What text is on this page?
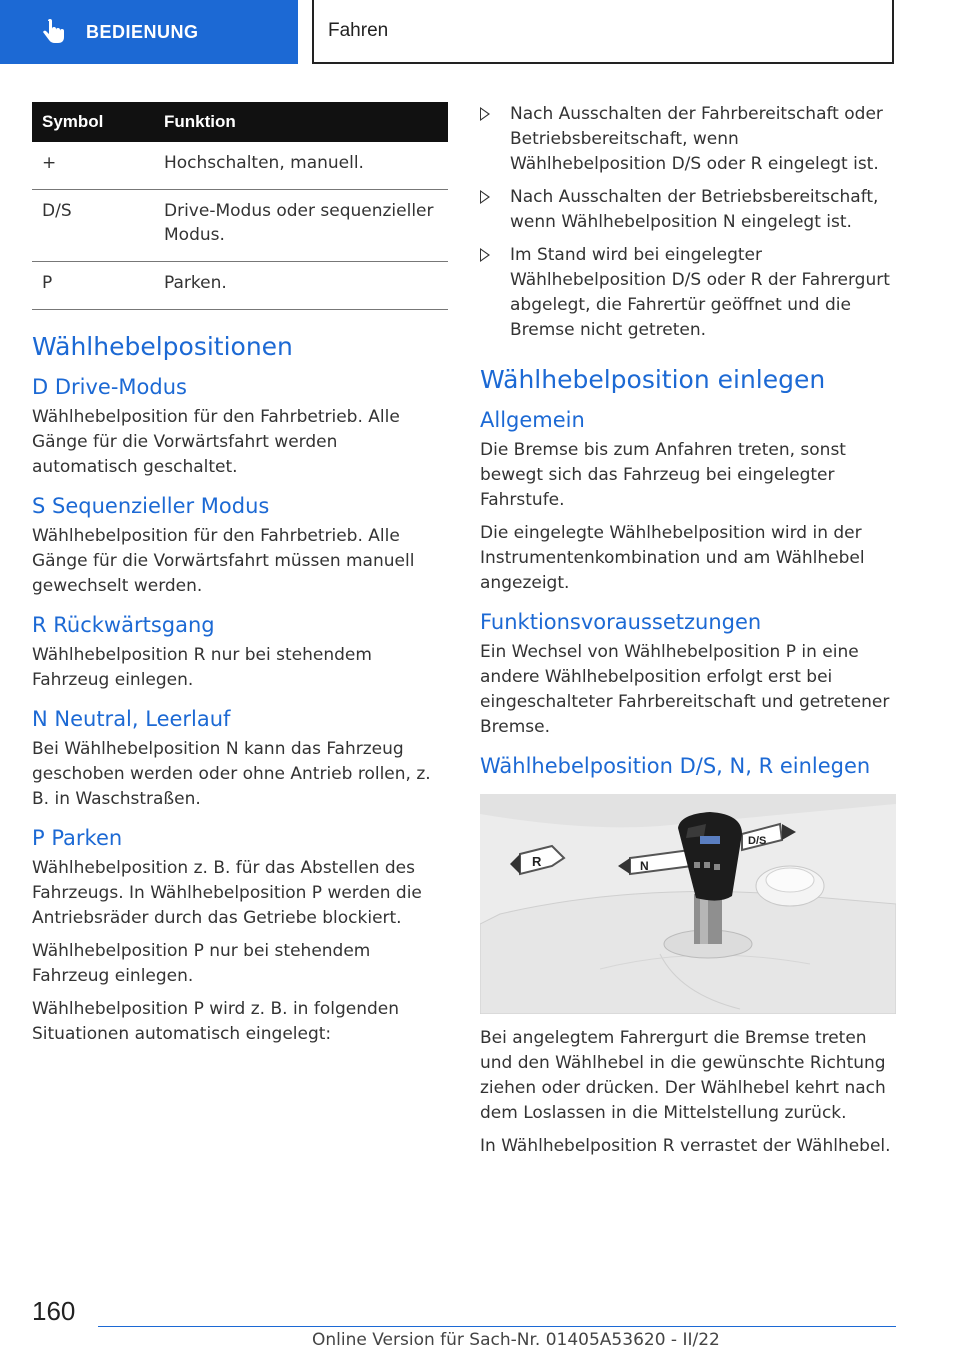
BEDIENUNG	Fahren
Symbol	Funktion
+	Hochschalten, manuell.
D/S	Drive-Modus oder sequenzieller Modus.
P	Parken.
Wählhebelpositionen
D Drive-Modus

Wählhebelposition für den Fahrbetrieb. Alle Gänge für die Vorwärtsfahrt werden automatisch geschaltet.

S Sequenzieller Modus

Wählhebelposition für den Fahrbetrieb. Alle Gänge für die Vorwärtsfahrt müssen manuell gewechselt werden.

R Rückwärtsgang

Wählhebelposition R nur bei stehendem Fahrzeug einlegen.

N Neutral, Leerlauf

Bei Wählhebelposition N kann das Fahrzeug geschoben werden oder ohne Antrieb rollen, z. B. in Waschstraßen.

P Parken

Wählhebelposition z. B. für das Abstellen des Fahrzeugs. In Wählhebelposition P werden die Antriebsräder durch das Getriebe blockiert.

Wählhebelposition P nur bei stehendem Fahrzeug einlegen.

Wählhebelposition P wird z. B. in folgenden Situationen automatisch eingelegt:

Nach Ausschalten der Fahrbereitschaft oder Betriebsbereitschaft, wenn Wählhebelposition D/S oder R eingelegt ist.
Nach Ausschalten der Betriebsbereitschaft, wenn Wählhebelposition N eingelegt ist.
Im Stand wird bei eingelegter Wählhebelposition D/S oder R der Fahrergurt abgelegt, die Fahrertür geöffnet und die Bremse nicht getreten.
Wählhebelposition einlegen
Allgemein

Die Bremse bis zum Anfahren treten, sonst bewegt sich das Fahrzeug bei eingelegter Fahrstufe.

Die eingelegte Wählhebelposition wird in der Instrumentenkombination und am Wählhebel angezeigt.

Funktionsvoraussetzungen

Ein Wechsel von Wählhebelposition P in eine andere Wählhebelposition erfolgt erst bei eingeschalteter Fahrbereitschaft und getretener Bremse.

Wählhebelposition D/S, N, R einlegen
R	N
D/S

Bei angelegtem Fahrergurt die Bremse treten und den Wählhebel in die gewünschte Richtung ziehen oder drücken. Der Wählhebel kehrt nach dem Loslassen in die Mittelstellung zurück.

In Wählhebelposition R verrastet der Wählhebel.

160
Online Version für Sach-Nr. 01405A53620 - II/22
